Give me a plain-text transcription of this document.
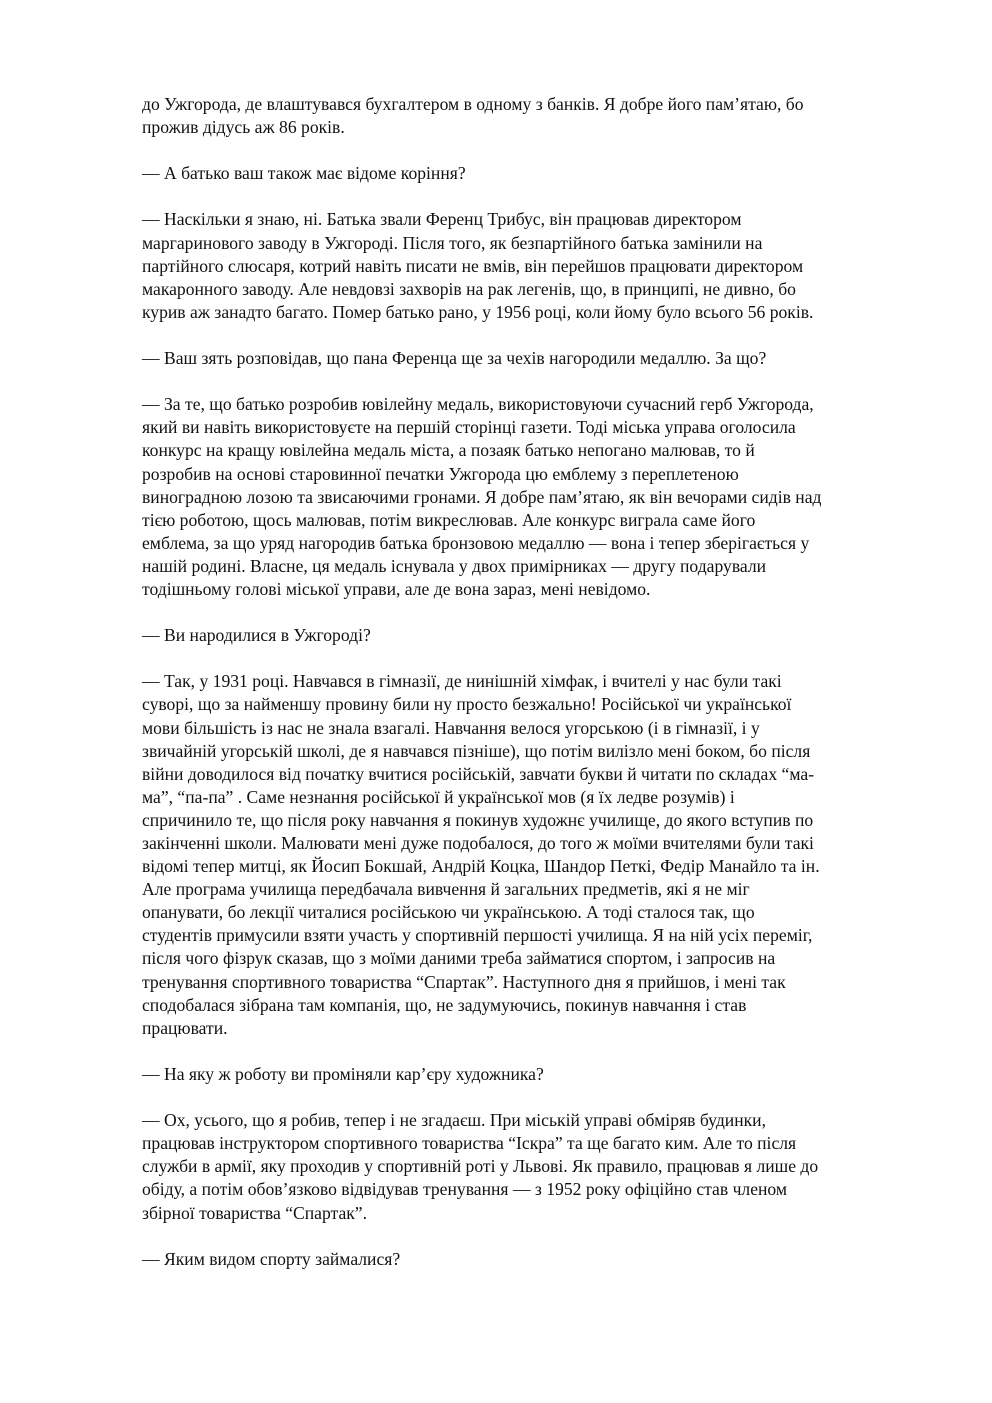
до Ужгорода, де влаштувався бухгалтером в одному з банків. Я добре його пам’ятаю, бо
прожив дідусь аж 86 років.
— А батько ваш також має відоме коріння?
— Наскільки я знаю, ні. Батька звали Ференц Трибус, він працював директором
маргаринового заводу в Ужгороді. Після того, як безпартійного батька замінили на
партійного слюсаря, котрий навіть писати не вмів, він перейшов працювати директором
макаронного заводу. Але невдовзі захворів на рак легенів, що, в принципі, не дивно, бо
курив аж занадто багато. Помер батько рано, у 1956 році, коли йому було всього 56 років.
— Ваш зять розповідав, що пана Ференца ще за чехів нагородили медаллю. За що?
— За те, що батько розробив ювілейну медаль, використовуючи сучасний герб Ужгорода,
який ви навіть використовуєте на першій сторінці газети. Тоді міська управа оголосила
конкурс на кращу ювілейна медаль міста, а позаяк батько непогано малював, то й
розробив на основі старовинної печатки Ужгорода цю емблему з переплетеною
виноградною лозою та звисаючими гронами. Я добре пам’ятаю, як він вечорами сидів над
тією роботою, щось малював, потім викреслював. Але конкурс виграла саме його
емблема, за що уряд нагородив батька бронзовою медаллю — вона і тепер зберігається у
нашій родині. Власне, ця медаль існувала у двох примірниках — другу подарували
тодішньому голові міської управи, але де вона зараз, мені невідомо.
— Ви народилися в Ужгороді?
— Так, у 1931 році. Навчався в гімназії, де нинішній хімфак, і вчителі у нас були такі
суворі, що за найменшу провину били ну просто безжально! Російської чи української
мови більшість із нас не знала взагалі. Навчання велося угорською (і в гімназії, і у
звичайній угорській школі, де я навчався пізніше), що потім вилізло мені боком, бо після
війни доводилося від початку вчитися російській, завчати букви й читати по складах “ма-
ма”, “па-па” . Саме незнання російської й української мов (я їх ледве розумів) і
спричинило те, що після року навчання я покинув художнє училище, до якого вступив по
закінченні школи. Малювати мені дуже подобалося, до того ж моїми вчителями були такі
відомі тепер митці, як Йосип Бокшай, Андрій Коцка, Шандор Петкі, Федір Манайло та ін.
Але програма училища передбачала вивчення й загальних предметів, які я не міг
опанувати, бо лекції читалися російською чи українською. А тоді сталося так, що
студентів примусили взяти участь у спортивній першості училища. Я на ній усіх переміг,
після чого фізрук сказав, що з моїми даними треба займатися спортом, і запросив на
тренування спортивного товариства “Спартак”. Наступного дня я прийшов, і мені так
сподобалася зібрана там компанія, що, не задумуючись, покинув навчання і став
працювати.
— На яку ж роботу ви проміняли кар’єру художника?
— Ох, усього, що я робив, тепер і не згадаєш. При міській управі обміряв будинки,
працював інструктором спортивного товариства “Іскра” та ще багато ким. Але то після
служби в армії, яку проходив у спортивній роті у Львові. Як правило, працював я лише до
обіду, а потім обов’язково відвідував тренування — з 1952 року офіційно став членом
збірної товариства “Спартак”.
— Яким видом спорту займалися?
